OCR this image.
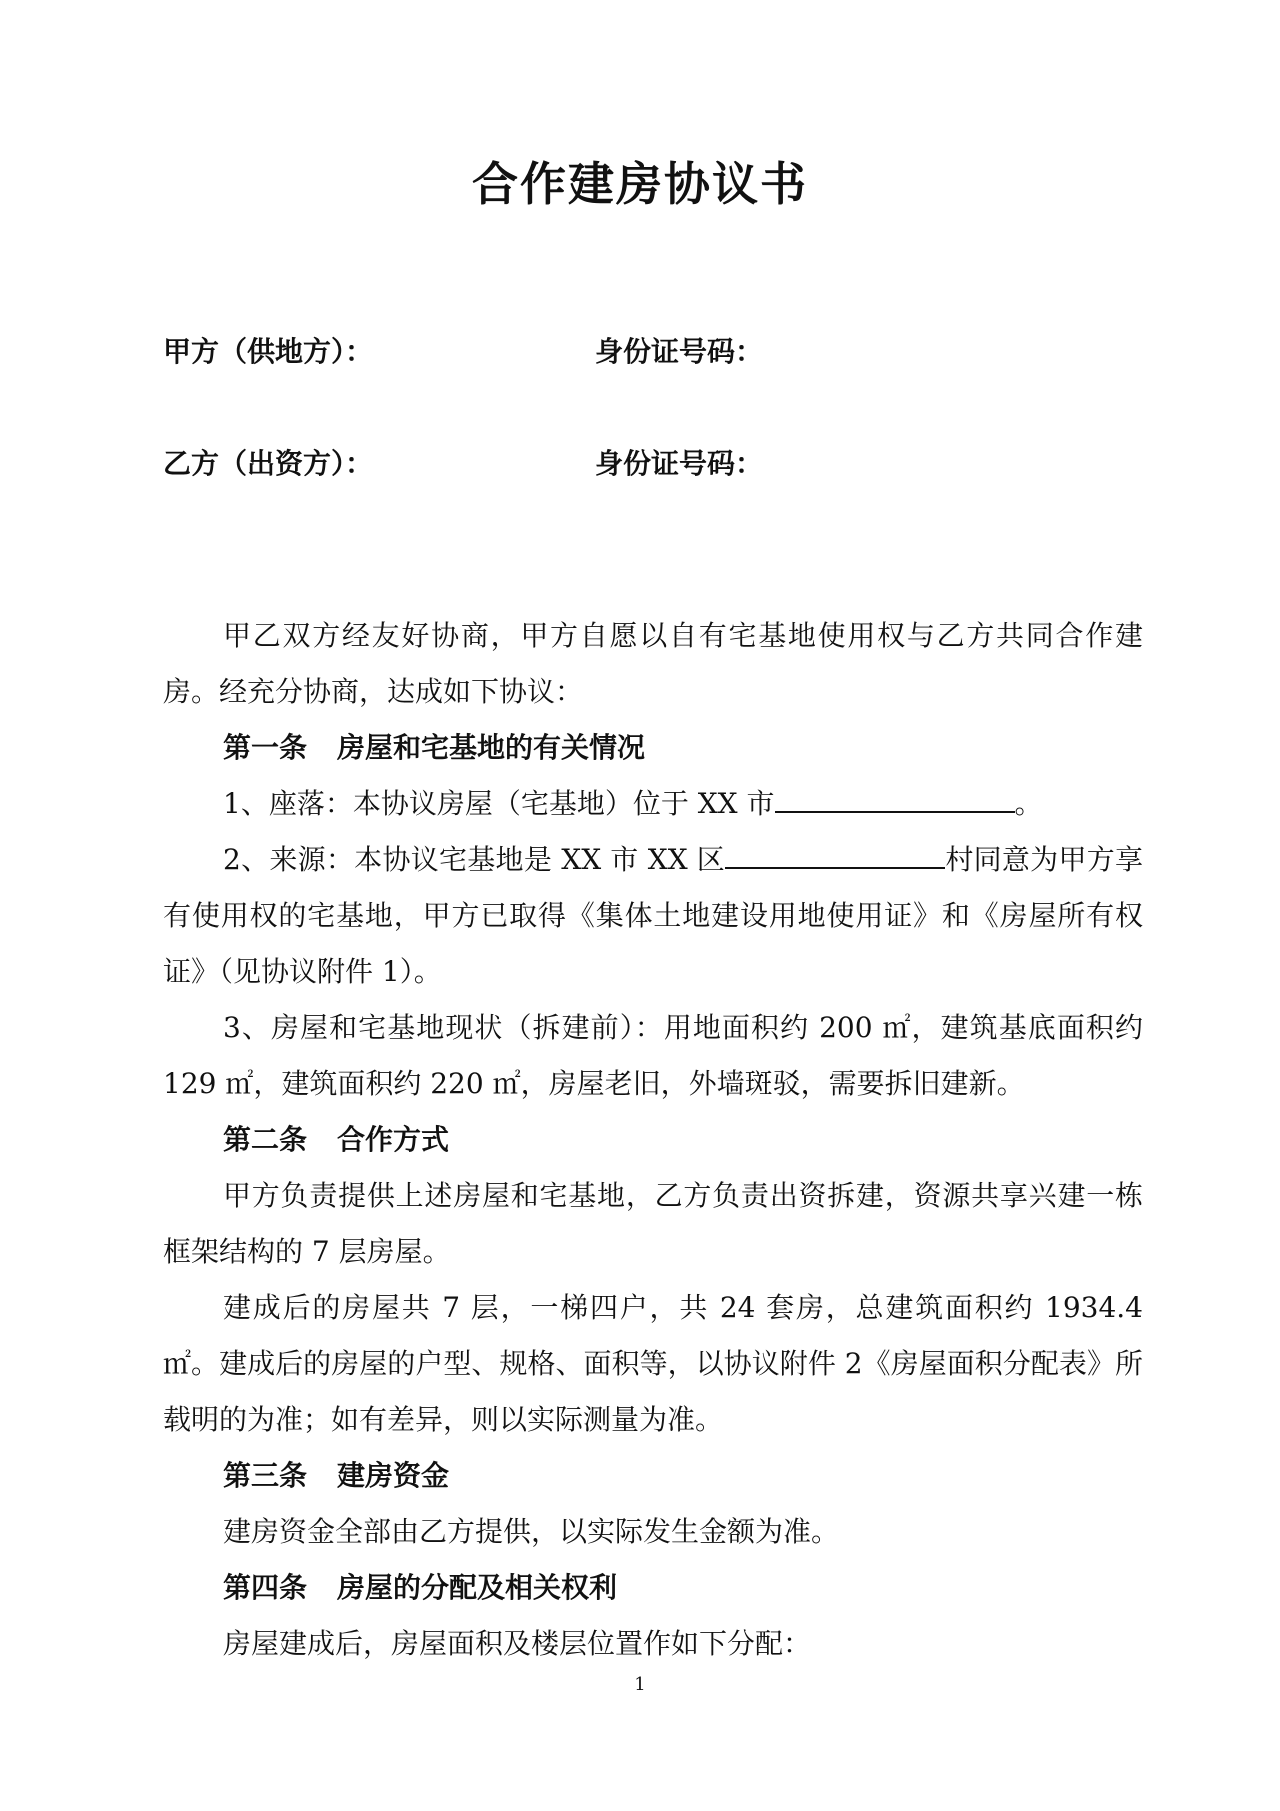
合作建房协议书
甲方（供地方）：	身份证号码：
乙方（出资方）：	身份证号码：

甲乙双方经友好协商，甲方自愿以自有宅基地使用权与乙方共同合作建房。经充分协商，达成如下协议：

第一条 房屋和宅基地的有关情况

1、座落：本协议房屋（宅基地）位于 XX 市	。

2、来源：本协议宅基地是 XX 市 XX 区	村同意为甲方享有使用权的宅基地，甲方已取得《集体土地建设用地使用证》和《房屋所有权证》（见协议附件 1）。

3、房屋和宅基地现状（拆建前）：用地面积约 200 ㎡，建筑基底面积约 129 ㎡，建筑面积约 220 ㎡，房屋老旧，外墙斑驳，需要拆旧建新。

第二条 合作方式

甲方负责提供上述房屋和宅基地，乙方负责出资拆建，资源共享兴建一栋框架结构的 7 层房屋。

建成后的房屋共 7 层，一梯四户，共 24 套房，总建筑面积约 1934.4 ㎡。建成后的房屋的户型、规格、面积等，以协议附件 2《房屋面积分配表》所载明的为准；如有差异，则以实际测量为准。

第三条 建房资金

建房资金全部由乙方提供，以实际发生金额为准。

第四条 房屋的分配及相关权利

房屋建成后，房屋面积及楼层位置作如下分配：

1
